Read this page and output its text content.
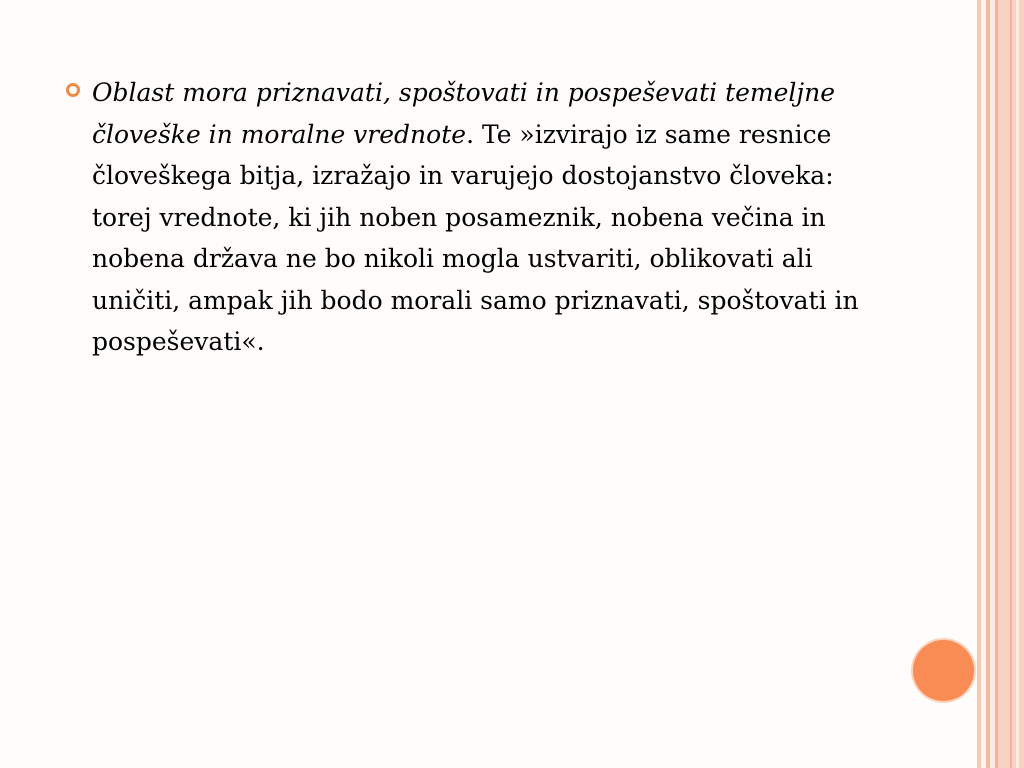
Oblast mora priznavati, spoštovati in pospeševati temeljne človeške in moralne vrednote. Te »izvirajo iz same resnice človeškega bitja, izražajo in varujejo dostojanstvo človeka: torej vrednote, ki jih noben posameznik, nobena večina in nobena država ne bo nikoli mogla ustvariti, oblikovati ali uničiti, ampak jih bodo morali samo priznavati, spoštovati in pospeševati«.
